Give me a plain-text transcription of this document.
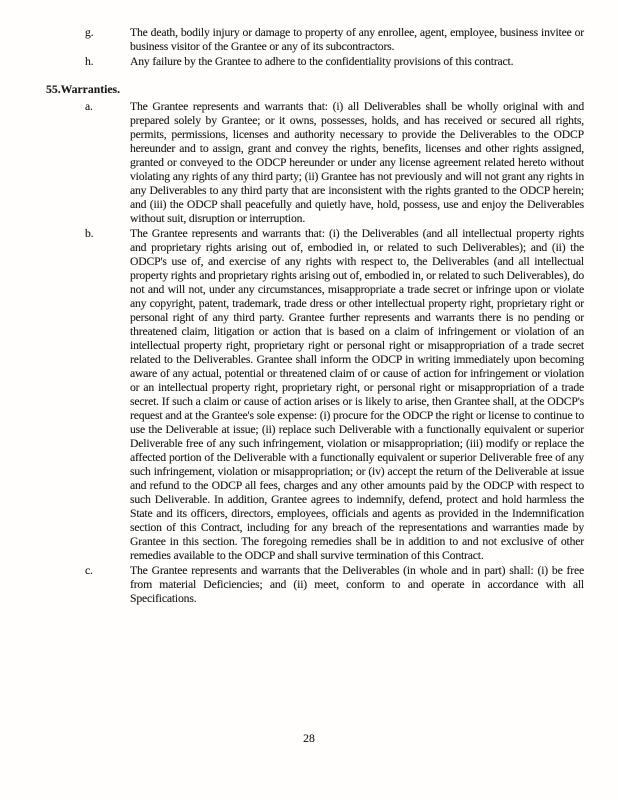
g.	The death, bodily injury or damage to property of any enrollee, agent, employee, business invitee or business visitor of the Grantee or any of its subcontractors.
h.	Any failure by the Grantee to adhere to the confidentiality provisions of this contract.
55.Warranties.
a.	The Grantee represents and warrants that: (i) all Deliverables shall be wholly original with and prepared solely by Grantee; or it owns, possesses, holds, and has received or secured all rights, permits, permissions, licenses and authority necessary to provide the Deliverables to the ODCP hereunder and to assign, grant and convey the rights, benefits, licenses and other rights assigned, granted or conveyed to the ODCP hereunder or under any license agreement related hereto without violating any rights of any third party; (ii) Grantee has not previously and will not grant any rights in any Deliverables to any third party that are inconsistent with the rights granted to the ODCP herein; and (iii) the ODCP shall peacefully and quietly have, hold, possess, use and enjoy the Deliverables without suit, disruption or interruption.
b.	The Grantee represents and warrants that: (i) the Deliverables (and all intellectual property rights and proprietary rights arising out of, embodied in, or related to such Deliverables); and (ii) the ODCP's use of, and exercise of any rights with respect to, the Deliverables (and all intellectual property rights and proprietary rights arising out of, embodied in, or related to such Deliverables), do not and will not, under any circumstances, misappropriate a trade secret or infringe upon or violate any copyright, patent, trademark, trade dress or other intellectual property right, proprietary right or personal right of any third party. Grantee further represents and warrants there is no pending or threatened claim, litigation or action that is based on a claim of infringement or violation of an intellectual property right, proprietary right or personal right or misappropriation of a trade secret related to the Deliverables. Grantee shall inform the ODCP in writing immediately upon becoming aware of any actual, potential or threatened claim of or cause of action for infringement or violation or an intellectual property right, proprietary right, or personal right or misappropriation of a trade secret. If such a claim or cause of action arises or is likely to arise, then Grantee shall, at the ODCP's request and at the Grantee's sole expense: (i) procure for the ODCP the right or license to continue to use the Deliverable at issue; (ii) replace such Deliverable with a functionally equivalent or superior Deliverable free of any such infringement, violation or misappropriation; (iii) modify or replace the affected portion of the Deliverable with a functionally equivalent or superior Deliverable free of any such infringement, violation or misappropriation; or (iv) accept the return of the Deliverable at issue and refund to the ODCP all fees, charges and any other amounts paid by the ODCP with respect to such Deliverable. In addition, Grantee agrees to indemnify, defend, protect and hold harmless the State and its officers, directors, employees, officials and agents as provided in the Indemnification section of this Contract, including for any breach of the representations and warranties made by Grantee in this section. The foregoing remedies shall be in addition to and not exclusive of other remedies available to the ODCP and shall survive termination of this Contract.
c.	The Grantee represents and warrants that the Deliverables (in whole and in part) shall: (i) be free from material Deficiencies; and (ii) meet, conform to and operate in accordance with all Specifications.
28
